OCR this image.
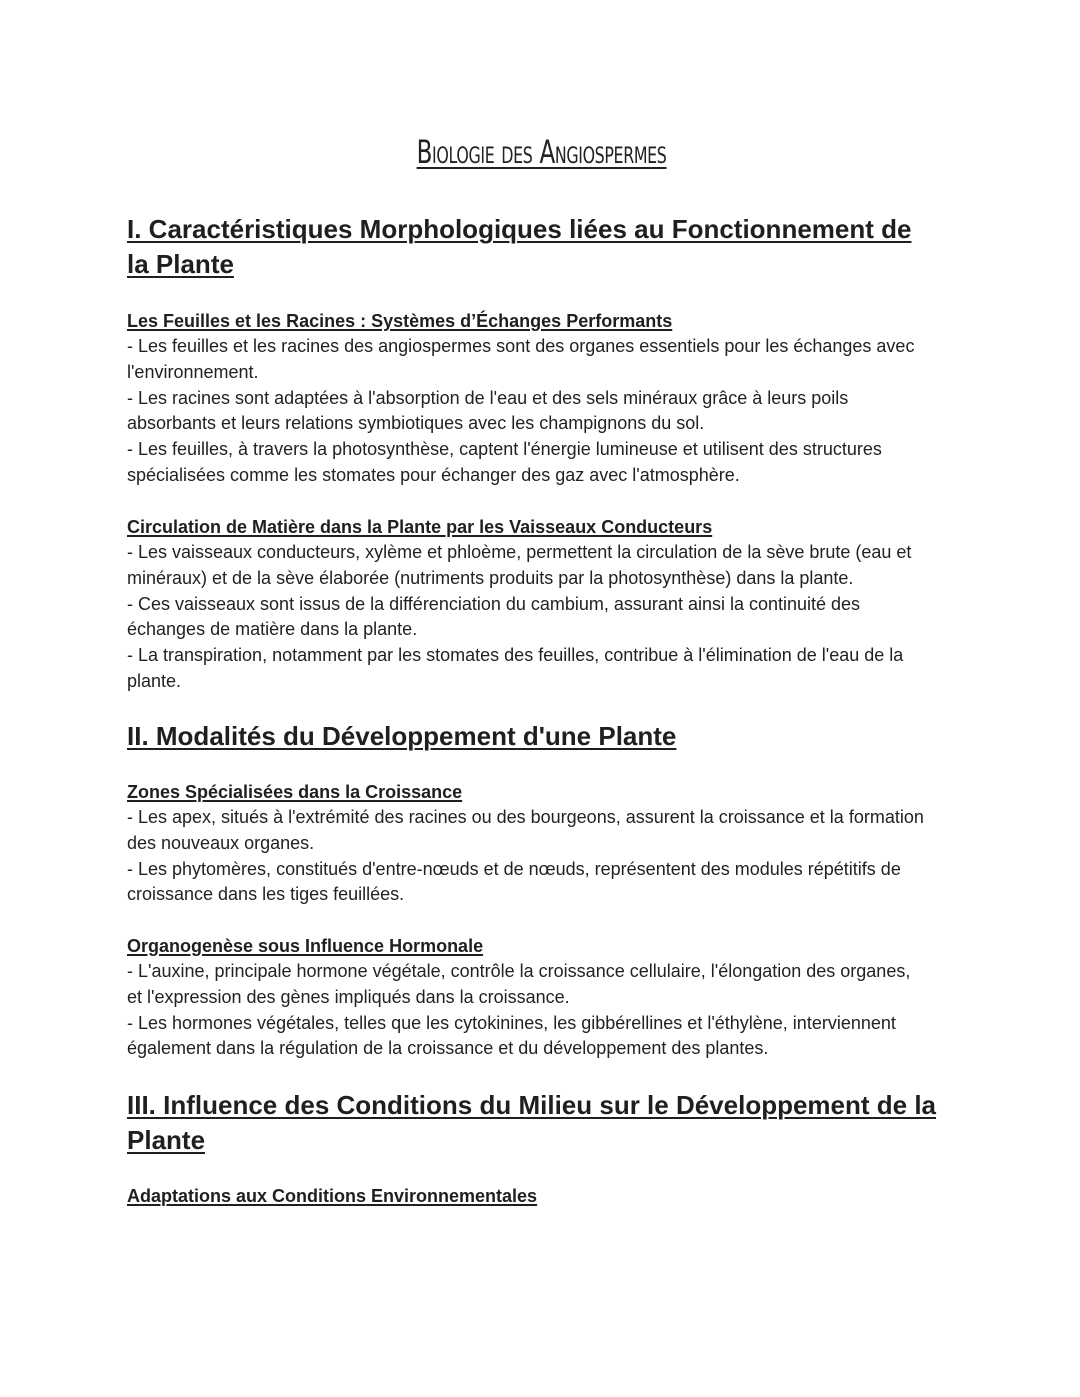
Biologie des Angiospermes
I. Caractéristiques Morphologiques liées au Fonctionnement de la Plante
Les Feuilles et les Racines : Systèmes d’Échanges Performants

- Les feuilles et les racines des angiospermes sont des organes essentiels pour les échanges avec l'environnement.

- Les racines sont adaptées à l'absorption de l'eau et des sels minéraux grâce à leurs poils absorbants et leurs relations symbiotiques avec les champignons du sol.

- Les feuilles, à travers la photosynthèse, captent l'énergie lumineuse et utilisent des structures spécialisées comme les stomates pour échanger des gaz avec l'atmosphère.

Circulation de Matière dans la Plante par les Vaisseaux Conducteurs

- Les vaisseaux conducteurs, xylème et phloème, permettent la circulation de la sève brute (eau et minéraux) et de la sève élaborée (nutriments produits par la photosynthèse) dans la plante.

- Ces vaisseaux sont issus de la différenciation du cambium, assurant ainsi la continuité des échanges de matière dans la plante.

- La transpiration, notamment par les stomates des feuilles, contribue à l'élimination de l'eau de la plante.

II. Modalités du Développement d'une Plante
Zones Spécialisées dans la Croissance

- Les apex, situés à l'extrémité des racines ou des bourgeons, assurent la croissance et la formation des nouveaux organes.

- Les phytomères, constitués d'entre-nœuds et de nœuds, représentent des modules répétitifs de croissance dans les tiges feuillées.

Organogenèse sous Influence Hormonale

- L'auxine, principale hormone végétale, contrôle la croissance cellulaire, l'élongation des organes, et l'expression des gènes impliqués dans la croissance.

- Les hormones végétales, telles que les cytokinines, les gibbérellines et l'éthylène, interviennent également dans la régulation de la croissance et du développement des plantes.

III. Influence des Conditions du Milieu sur le Développement de la Plante
Adaptations aux Conditions Environnementales
